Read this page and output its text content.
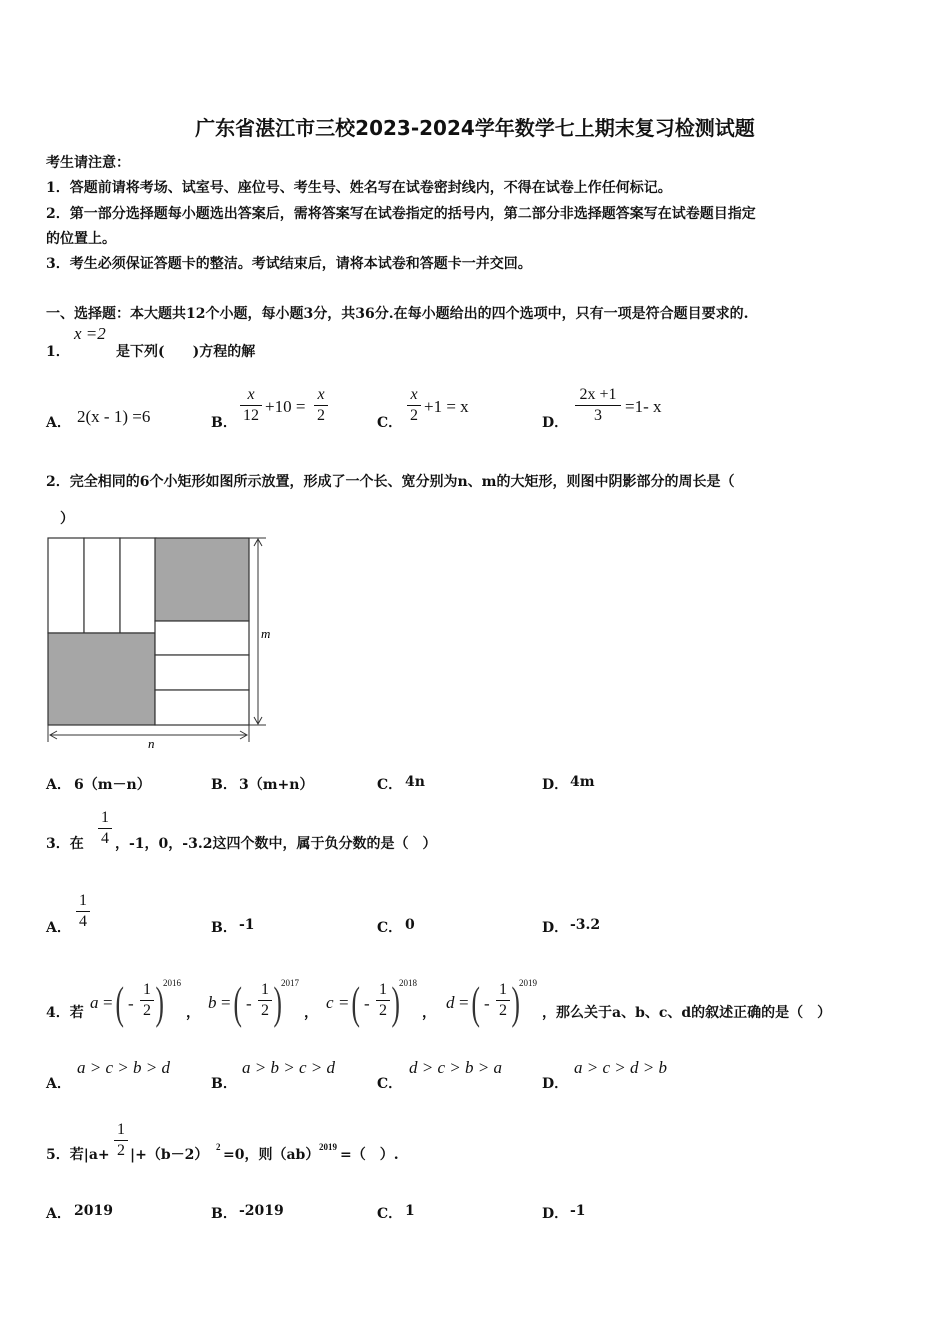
广东省湛江市三校2023-2024学年数学七上期末复习检测试题
考生请注意：
1．答题前请将考场、试室号、座位号、考生号、姓名写在试卷密封线内，不得在试卷上作任何标记。
2．第一部分选择题每小题选出答案后，需将答案写在试卷指定的括号内，第二部分非选择题答案写在试卷题目指定
的位置上。
3．考生必须保证答题卡的整洁。考试结束后，请将本试卷和答题卡一并交回。
一、选择题：本大题共12个小题，每小题3分，共36分.在每小题给出的四个选项中，只有一项是符合题目要求的.
1．
x =2
是下列(　　)方程的解
A． 2(x - 1) =6	B．
x
12 +10 =
x
2	C．
x
2 +1 = x
D．
2x +1
3	=1- x
2．完全相同的6个小矩形如图所示放置，形成了一个长、宽分别为n、m的大矩形，则图中阴影部分的周长是（
）
m
n
A． 6（m－n）	B． 3（m+n）	C． 4n	D． 4m
3．在
1
4 ，-1，0，-3.2这四个数中，属于负分数的是（　）
A．
1
4	B． -1	C． 0	D． -3.2
4．若
a = ( -
1
2 ) 2016
，
b = ( -
1
2 ) 2017
，
c = ( -
1
2 ) 2018
，
d = ( -
1
2 ) 2019
，那么关于a、b、c、d的叙述正确的是（　）
A．
a > c > b > d
B．
a > b > c > d
C．
d > c > b > a
D．
a > c > d > b
5．若|a+
1
2 |+（b－2） 2 =0，则（ab） 2019 =（　）.
A． 2019	B． -2019	C． 1	D． -1
